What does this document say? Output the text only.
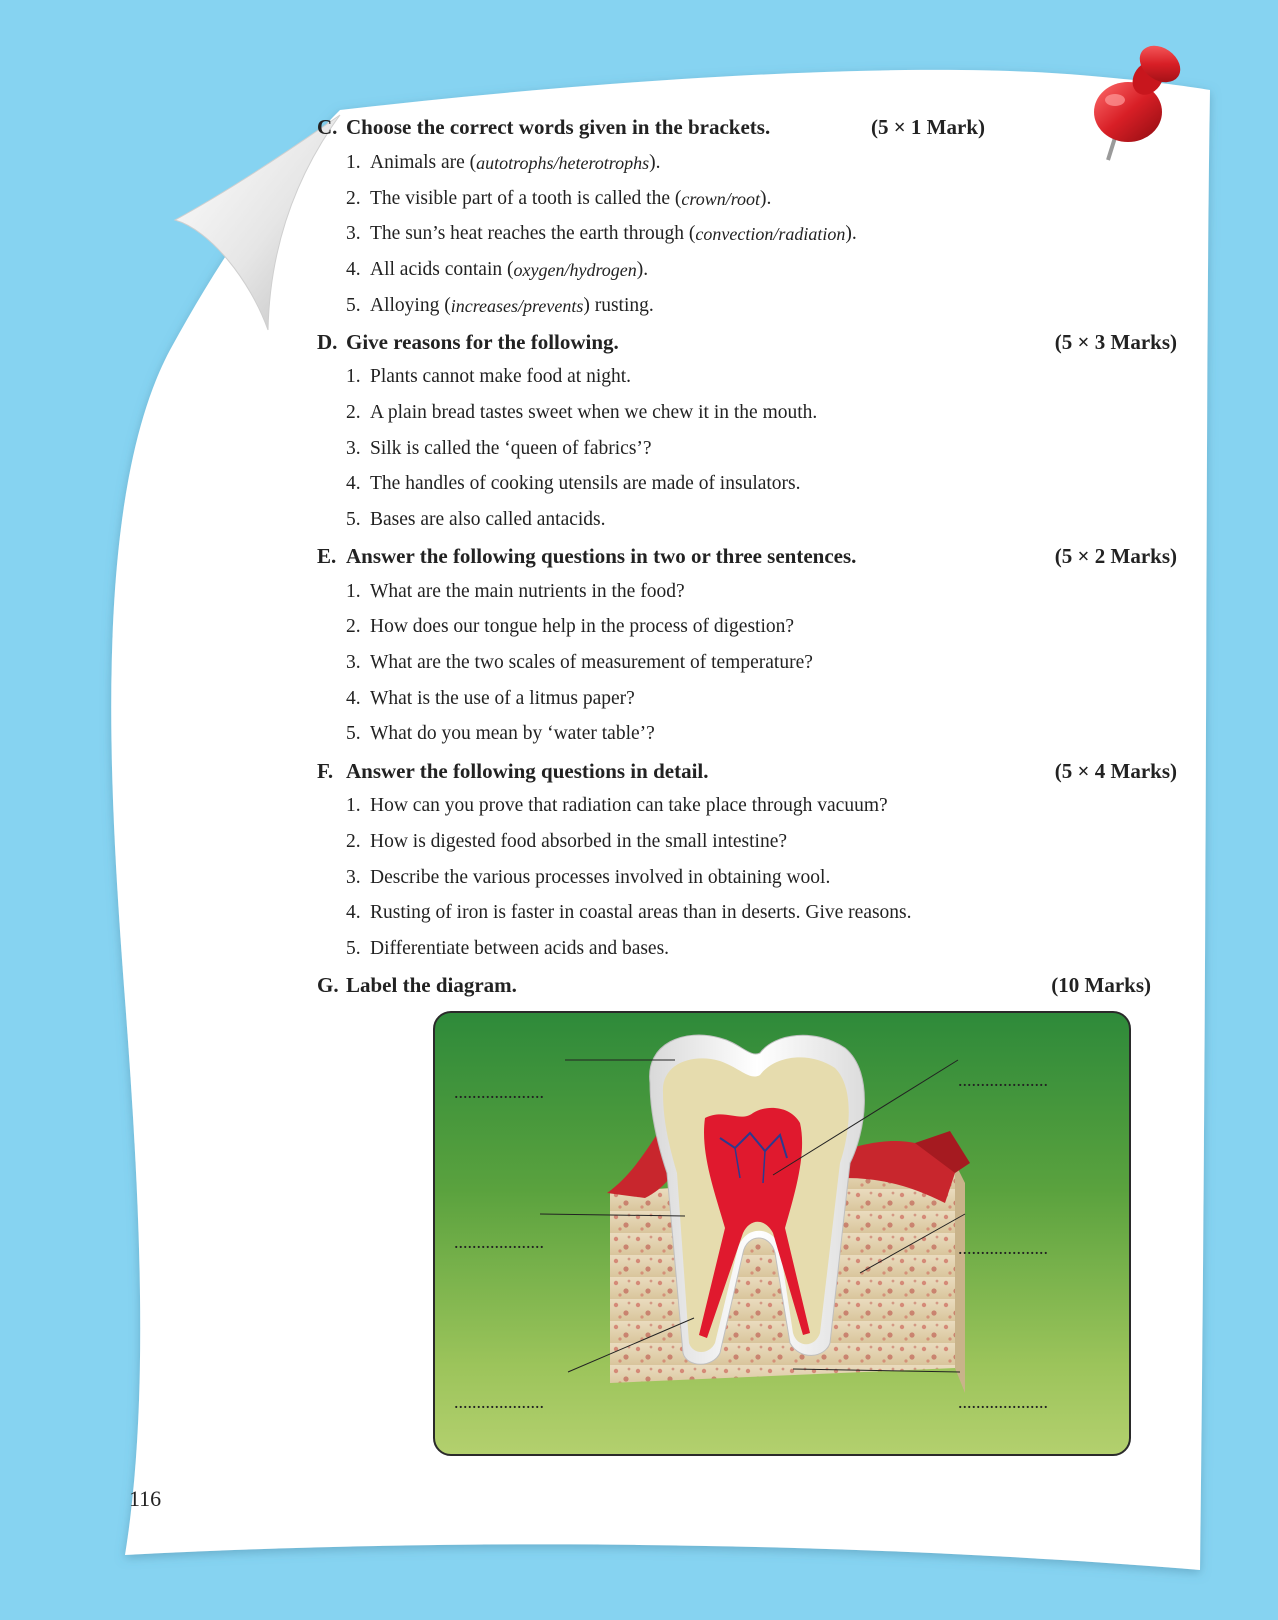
C. Choose the correct words given in the brackets.	(5 × 1 Mark)
1. Animals are ( autotrophs/heterotrophs ).
2. The visible part of a tooth is called the ( crown/root ).
3. The sun’s heat reaches the earth through ( convection/radiation ).
4. All acids contain ( oxygen/hydrogen ).
5. Alloying ( increases/prevents ) rusting.
D. Give reasons for the following.	(5 × 3 Marks)
1. Plants cannot make food at night.
2. A plain bread tastes sweet when we chew it in the mouth.
3. Silk is called the ‘queen of fabrics’?
4. The handles of cooking utensils are made of insulators.
5. Bases are also called antacids.
E. Answer the following questions in two or three sentences.	(5 × 2 Marks)
1. What are the main nutrients in the food?
2. How does our tongue help in the process of digestion?
3. What are the two scales of measurement of temperature?
4. What is the use of a litmus paper?
5. What do you mean by ‘water table’?
F. Answer the following questions in detail.	(5 × 4 Marks)
1. How can you prove that radiation can take place through vacuum?
2. How is digested food absorbed in the small intestine?
3. Describe the various processes involved in obtaining wool.
4. Rusting of iron is faster in coastal areas than in deserts. Give reasons.
5. Differentiate between acids and bases.
G. Label the diagram.	(10 Marks)
....................
....................
....................	....................
....................	....................
116
